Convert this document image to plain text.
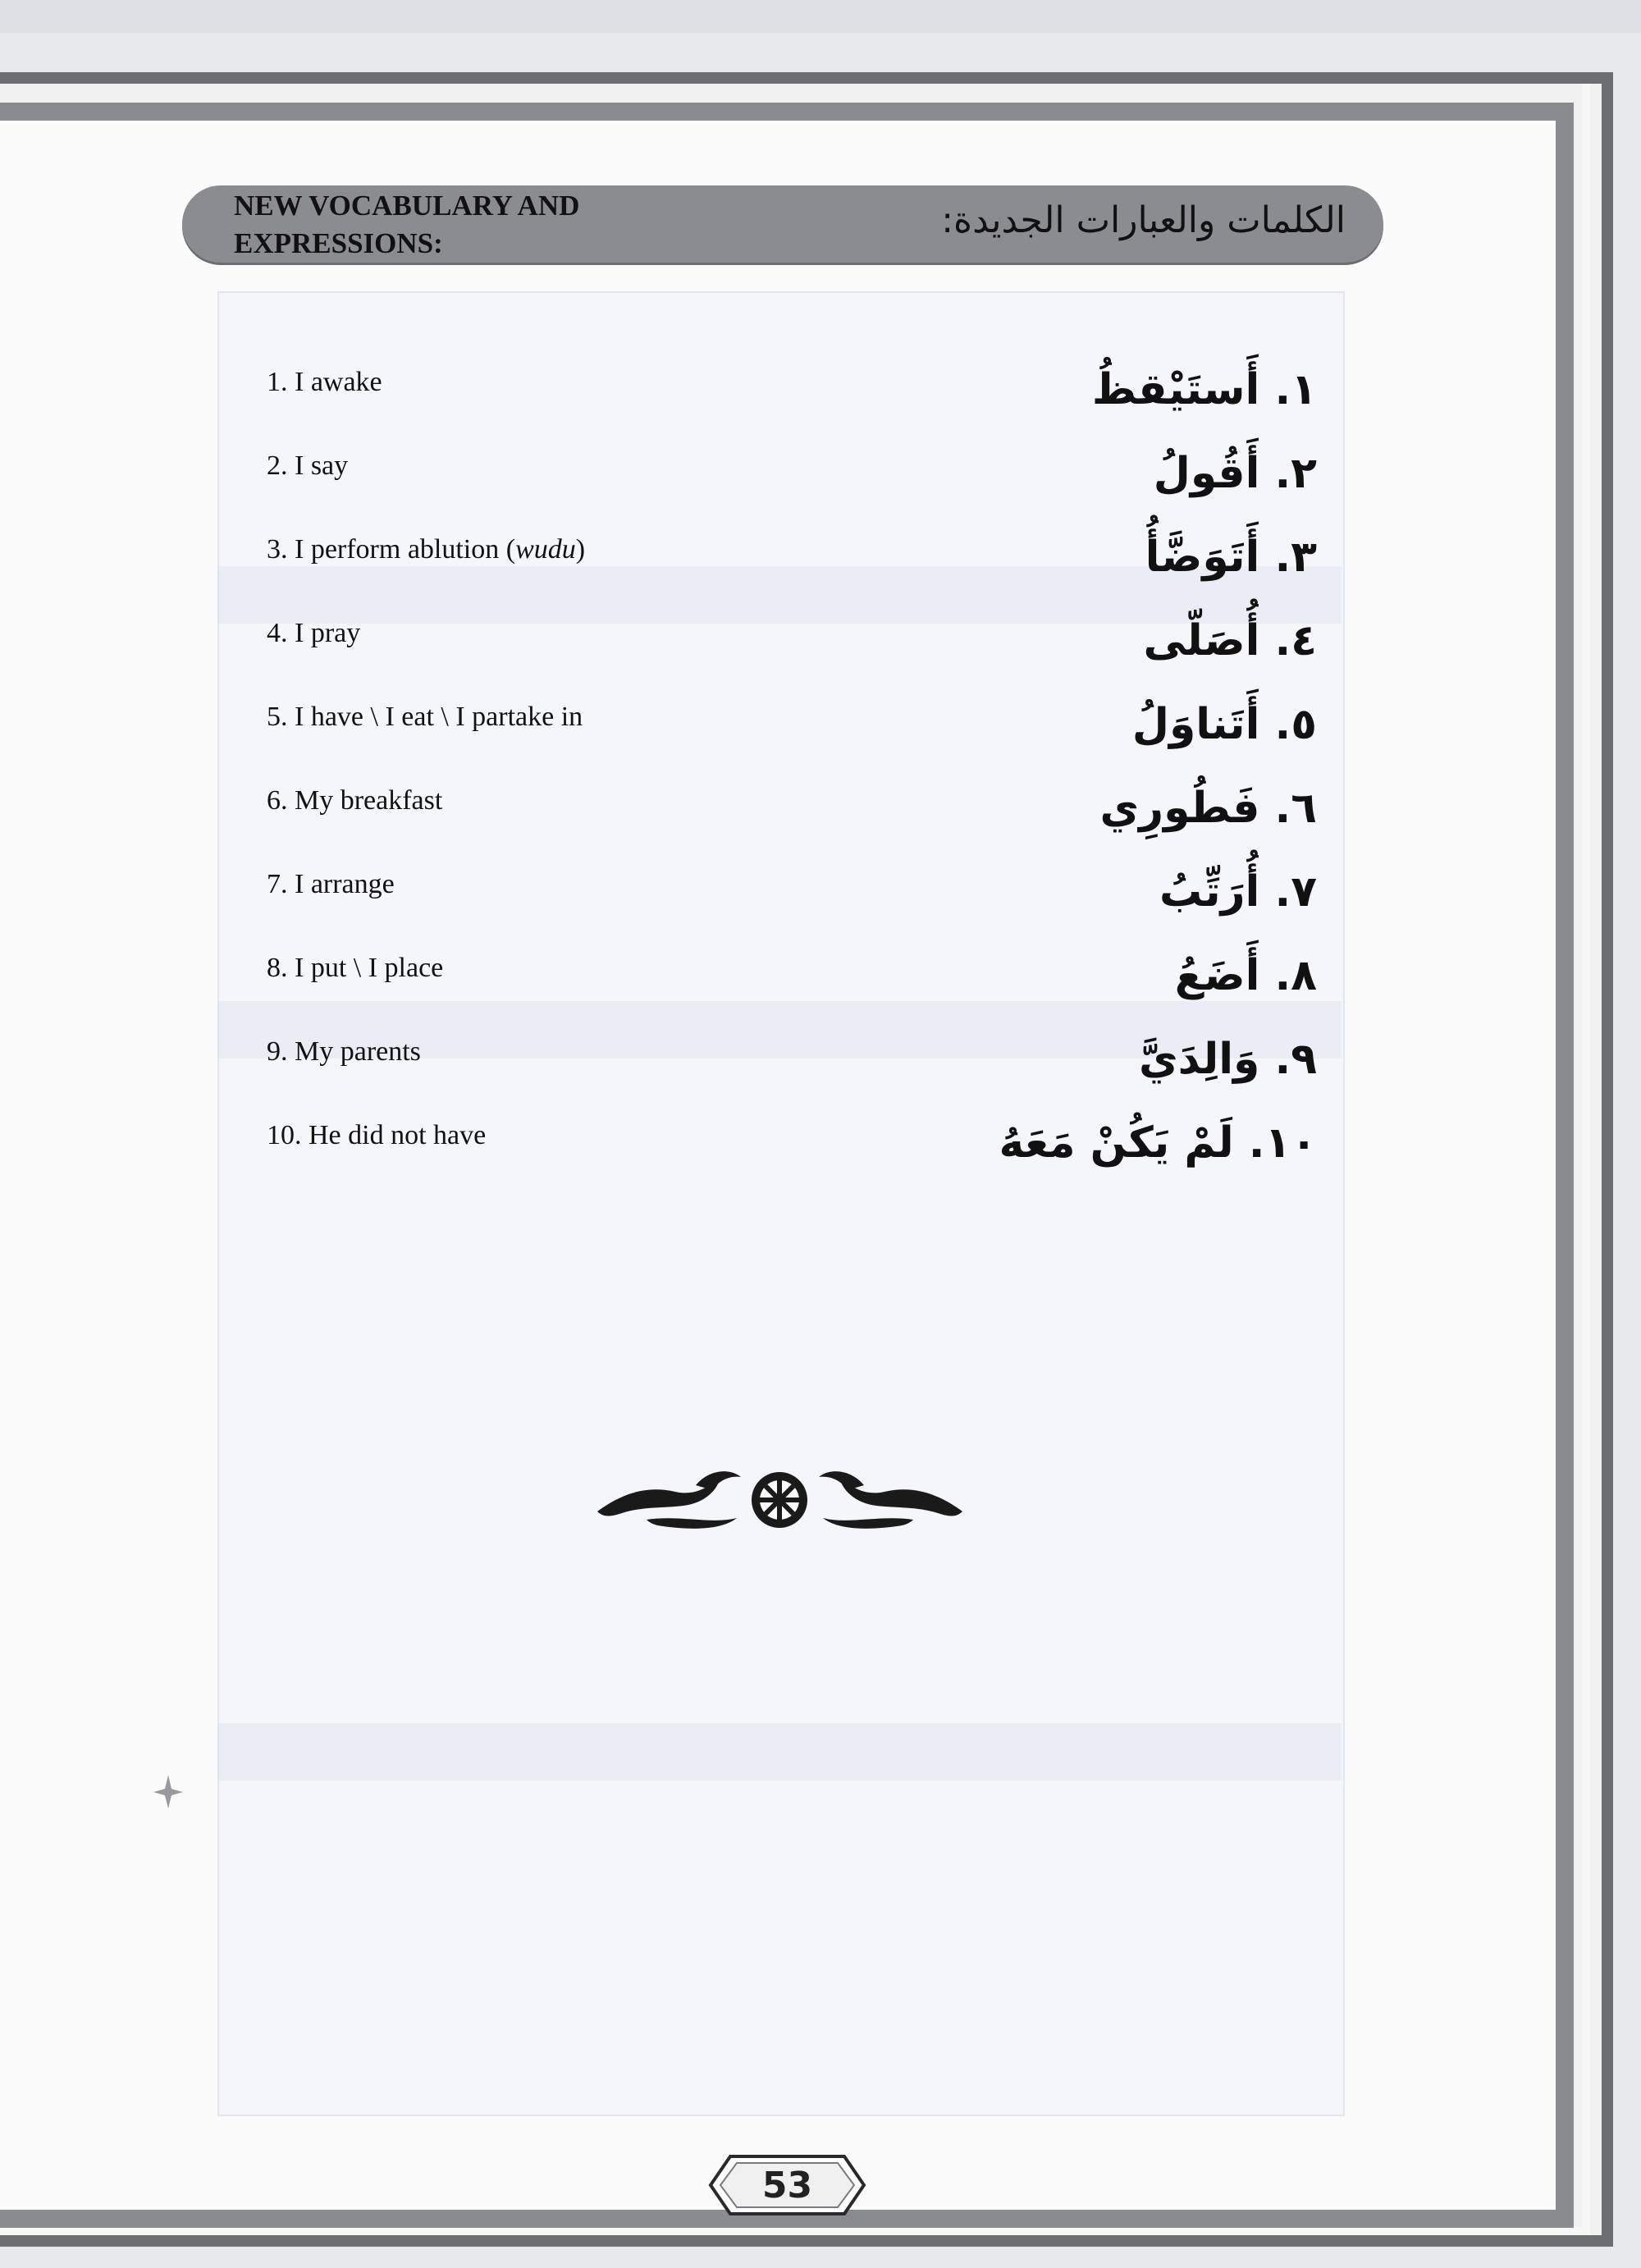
NEW VOCABULARY AND EXPRESSIONS:
الكلمات والعبارات الجديدة:
1. I awake	١. أَستَيْقظُ
2. I say	٢. أَقُولُ
3. I perform ablution (wudu)	٣. أَتَوَضَّأُ
4. I pray	٤. أُصَلّى
5. I have \ I eat \ I partake in	٥. أَتَناوَلُ
6. My breakfast	٦. فَطُورِي
7. I arrange	٧. أُرَتِّبُ
8. I put \ I place	٨. أَضَعُ
9. My parents	٩. وَالِدَيَّ
10. He did not have	١٠. لَمْ يَكُنْ مَعَهُ
53
